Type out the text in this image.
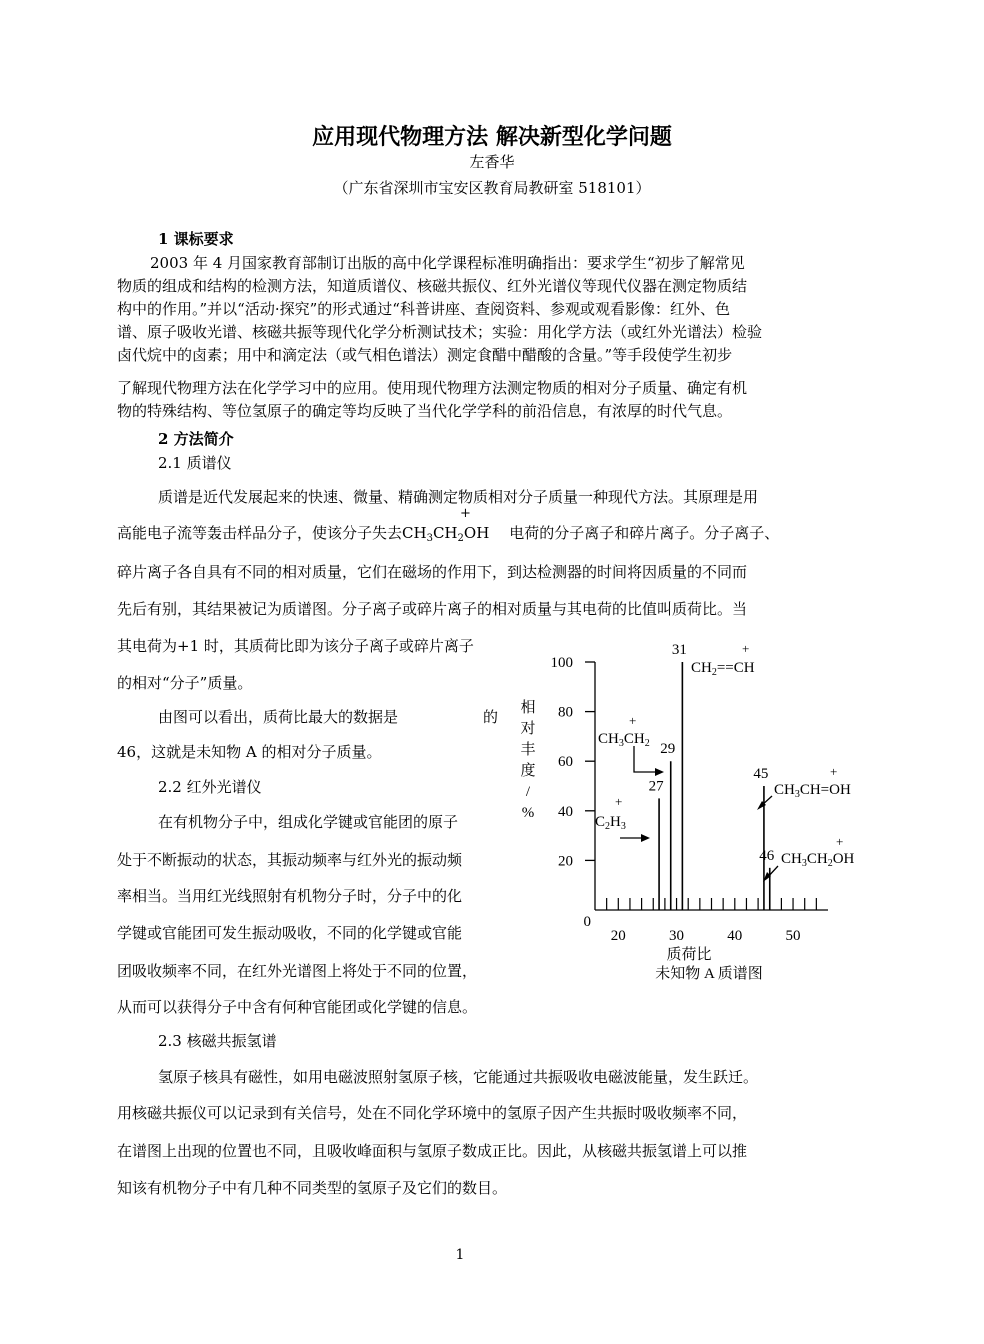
应用现代物理方法 解决新型化学问题
左香华
（广东省深圳市宝安区教育局教研室 518101）
1 课标要求
2003 年 4 月国家教育部制订出版的高中化学课程标准明确指出：要求学生“初步了解常见
物质的组成和结构的检测方法，知道质谱仪、核磁共振仪、红外光谱仪等现代仪器在测定物质结
构中的作用。”并以“活动·探究”的形式通过“科普讲座、查阅资料、参观或观看影像：红外、色
谱、原子吸收光谱、核磁共振等现代化学分析测试技术；实验：用化学方法（或红外光谱法）检验
卤代烷中的卤素；用中和滴定法（或气相色谱法）测定食醋中醋酸的含量。”等手段使学生初步
了解现代物理方法在化学学习中的应用。使用现代物理方法测定物质的相对分子质量、确定有机
物的特殊结构、等位氢原子的确定等均反映了当代化学学科的前沿信息，有浓厚的时代气息。
2 方法简介
2.1 质谱仪
质谱是近代发展起来的快速、微量、精确测定物质相对分子质量一种现代方法。其原理是用
高能电子流等轰击样品分子，使该分子失去$CH_3CH_2OH$
+
电荷的分子离子和碎片离子。分子离子、
碎片离子各自具有不同的相对质量，它们在磁场的作用下，到达检测器的时间将因质量的不同而
先后有别，其结果被记为质谱图。分子离子或碎片离子的相对质量与其电荷的比值叫质荷比。当
其电荷为+1 时，其质荷比即为该分子离子或碎片离子
的相对“分子”质量。
由图可以看出，质荷比最大的数据是	的
46，这就是未知物 A 的相对分子质量。
2.2 红外光谱仪
在有机物分子中，组成化学键或官能团的原子
处于不断振动的状态，其振动频率与红外光的振动频
率相当。当用红光线照射有机物分子时，分子中的化
学键或官能团可发生振动吸收，不同的化学键或官能
团吸收频率不同，在红外光谱图上将处于不同的位置，
从而可以获得分子中含有何种官能团或化学键的信息。
2.3 核磁共振氢谱
氢原子核具有磁性，如用电磁波照射氢原子核，它能通过共振吸收电磁波能量，发生跃迁。
用核磁共振仪可以记录到有关信号，处在不同化学环境中的氢原子因产生共振时吸收频率不同，
在谱图上出现的位置也不同，且吸收峰面积与氢原子数成正比。因此，从核磁共振氢谱上可以推
知该有机物分子中有几种不同类型的氢原子及它们的数目。
0
20
40
60
80
100
20	30	40	50
27
29
31
45
46
相
对
丰
度
/
%
质荷比
未知物 A 质谱图
+
$CH_2==CH$
+
$CH_3CH_2$
+
$C_2H_3$
+
$CH_3CH=OH$
+
$CH_3CH_2OH$
1
